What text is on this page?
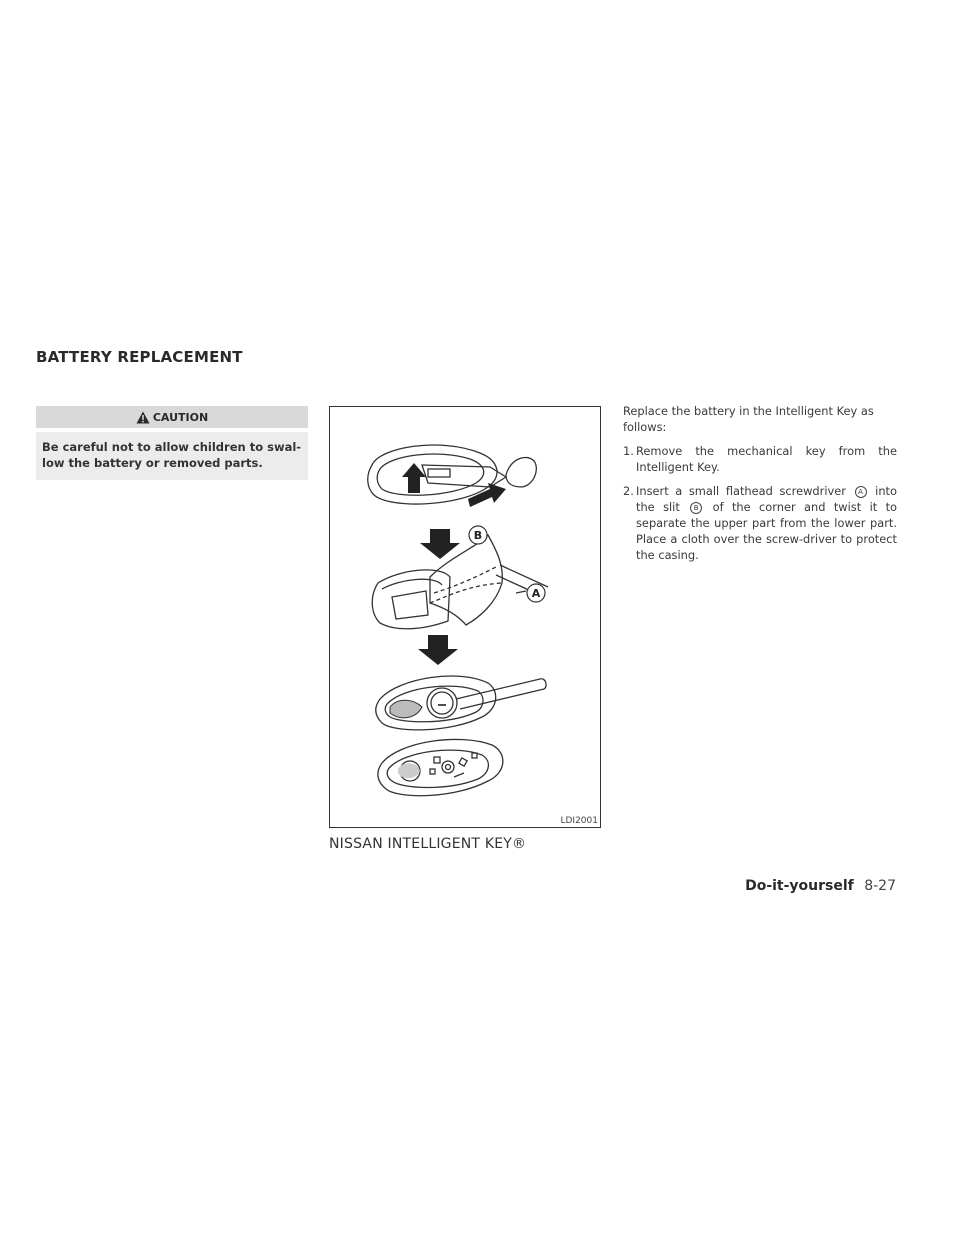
BATTERY REPLACEMENT
CAUTION
Be careful not to allow children to swal-low the battery or removed parts.
B
A
LDI2001
NISSAN INTELLIGENT KEY®

Replace the battery in the Intelligent Key as follows:

1. Remove the mechanical key from the Intelligent Key.
2. Insert a small flathead screwdriver A into the slit B of the corner and twist it to separate the upper part from the lower part. Place a cloth over the screw-driver to protect the casing.
Do-it-yourself 8-27
